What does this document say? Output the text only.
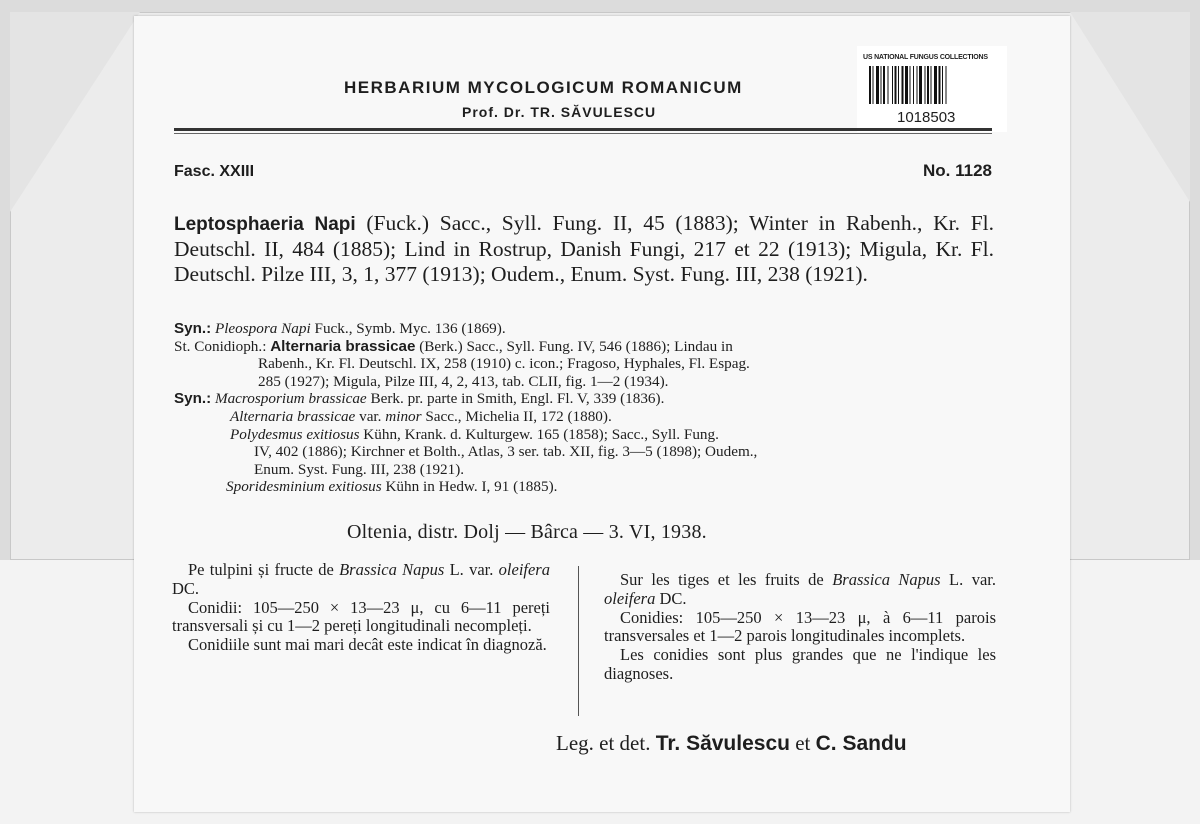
HERBARIUM MYCOLOGICUM ROMANICUM
Prof. Dr. TR. SĂVULESCU
US NATIONAL FUNGUS COLLECTIONS
1018503
Fasc. XXIII	No. 1128
Leptosphaeria Napi (Fuck.) Sacc., Syll. Fung. II, 45 (1883); Winter in Rabenh., Kr. Fl. Deutschl. II, 484 (1885); Lind in Rostrup, Danish Fungi, 217 et 22 (1913); Migula, Kr. Fl. Deutschl. Pilze III, 3, 1, 377 (1913); Oudem., Enum. Syst. Fung. III, 238 (1921).
Syn.: Pleospora Napi Fuck., Symb. Myc. 136 (1869).
St. Conidioph.: Alternaria brassicae (Berk.) Sacc., Syll. Fung. IV, 546 (1886); Lindau in
Rabenh., Kr. Fl. Deutschl. IX, 258 (1910) c. icon.; Fragoso, Hyphales, Fl. Espag.
285 (1927); Migula, Pilze III, 4, 2, 413, tab. CLII, fig. 1—2 (1934).
Syn.: Macrosporium brassicae Berk. pr. parte in Smith, Engl. Fl. V, 339 (1836).
Alternaria brassicae var. minor Sacc., Michelia II, 172 (1880).
Polydesmus exitiosus Kühn, Krank. d. Kulturgew. 165 (1858); Sacc., Syll. Fung.
IV, 402 (1886); Kirchner et Bolth., Atlas, 3 ser. tab. XII, fig. 3—5 (1898); Oudem.,
Enum. Syst. Fung. III, 238 (1921).
Sporidesminium exitiosus Kühn in Hedw. I, 91 (1885).
Oltenia, distr. Dolj — Bârca — 3. VI, 1938.
Pe tulpini și fructe de Brassica Napus L. var. oleifera DC.
Conidii: 105—250 × 13—23 μ, cu 6—11 pereți transversali și cu 1—2 pereți longitudinali necompleți.
Conidiile sunt mai mari decât este indicat în diagnoză.
Sur les tiges et les fruits de Brassica Napus L. var. oleifera DC.
Conidies: 105—250 × 13—23 μ, à 6—11 parois transversales et 1—2 parois longitudinales incomplets.
Les conidies sont plus grandes que ne l'indique les diagnoses.
Leg. et det. Tr. Săvulescu et C. Sandu
